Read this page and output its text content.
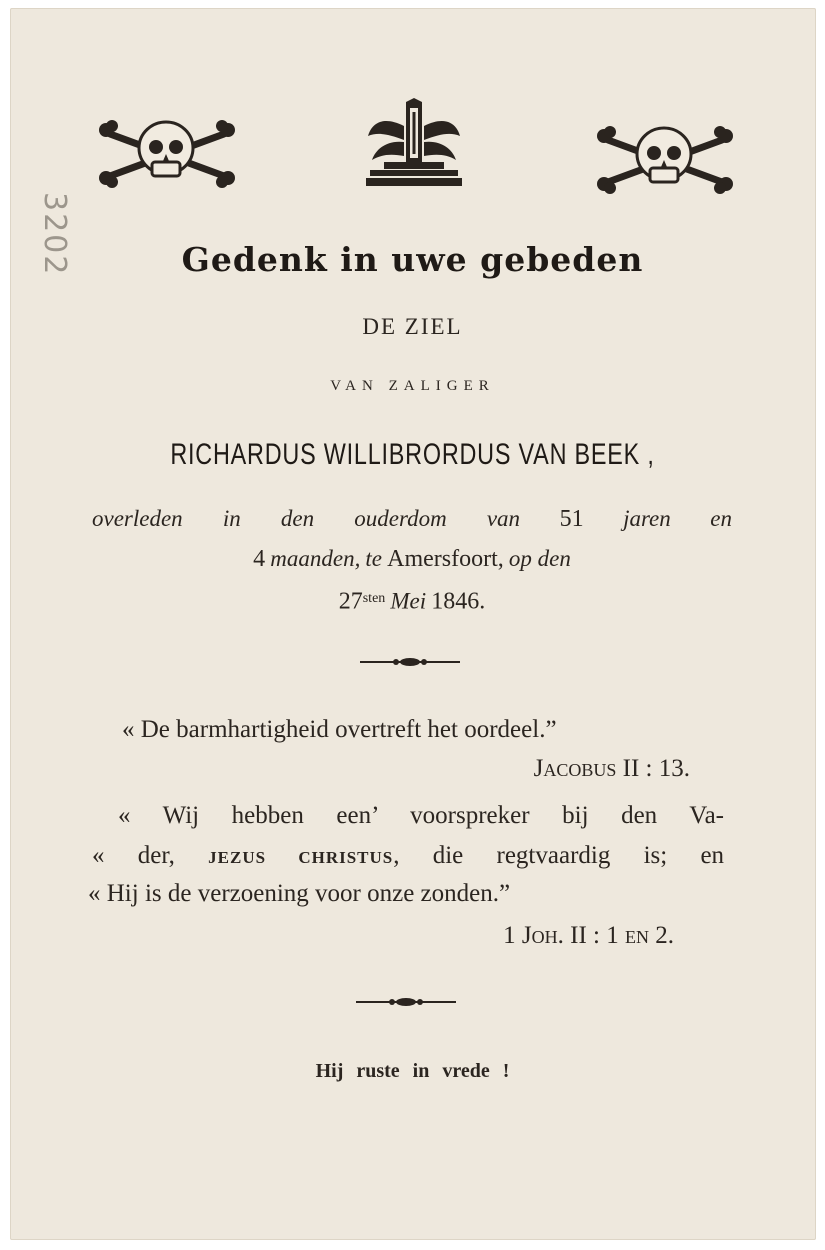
3202	Gedenk in uwe gebeden
DE ZIEL
VAN ZALIGER
RICHARDUS WILLIBRORDUS VAN BEEK ,
overleden in den ouderdom van 51 jaren en
4 maanden, te Amersfoort, op den
$27^{sten}$ Mei 1846.
« De barmhartigheid overtreft het oordeel.”
Jacobus II : 13.
« Wij hebben een’ voorspreker bij den Va-
« der, JEZUS CHRISTUS, die regtvaardig is; en
« Hij is de verzoening voor onze zonden.”
1 Joh. II : 1 en 2.
Hij ruste in vrede !
